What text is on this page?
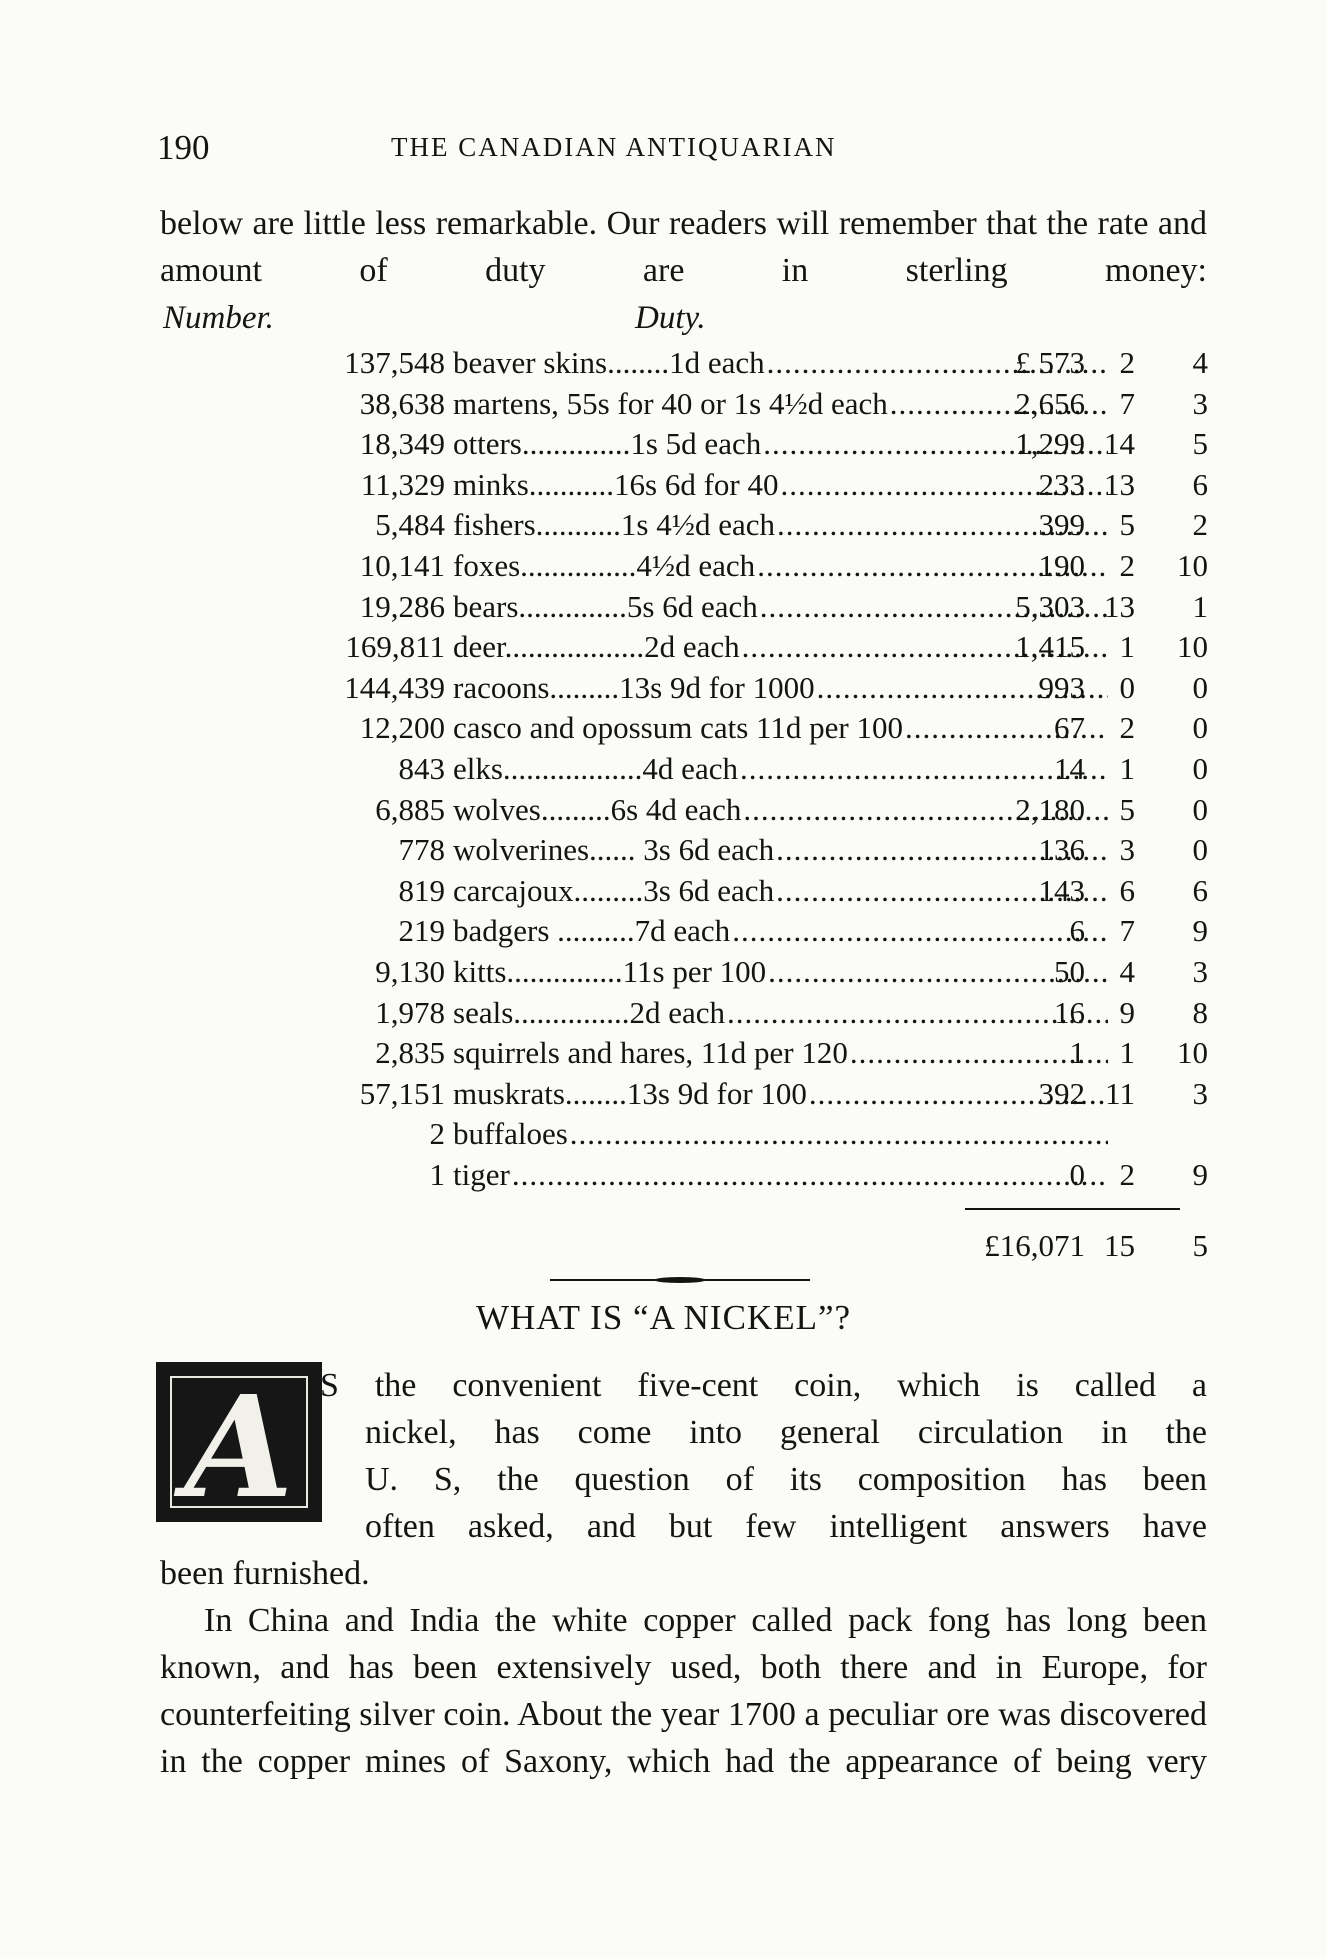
190	THE CANADIAN ANTIQUARIAN

below are little less remarkable. Our readers will remember that the rate and amount of duty are in sterling money:

Number.	Duty.
137,548 beaver skins........1d each .....	£ 573 2 4
38,638 martens, 55s for 40 or 1s 4½d each .....	2,656 7 3
18,349 otters..............1s 5d each .....	1,299 14 5
11,329 minks...........16s 6d for 40 .....	233 13 6
5,484 fishers...........1s 4½d each .....	399 5 2
10,141 foxes...............4½d each .....	190 2 10
19,286 bears..............5s 6d each .....	5,303 13 1
169,811 deer..................2d each .....	1,415 1 10
144,439 racoons.........13s 9d for 1000 .....	993 0 0
12,200 casco and opossum cats 11d per 100 .....	67 2 0
843 elks..................4d each .....	14 1 0
6,885 wolves.........6s 4d each .....	2,180 5 0
778 wolverines...... 3s 6d each .....	136 3 0
819 carcajoux.........3s 6d each .....	143 6 6
219 badgers ..........7d each .....	6 7 9
9,130 kitts...............11s per 100 .....	50 4 3
1,978 seals...............2d each .....	16 9 8
2,835 squirrels and hares, 11d per 120 .....	1 1 10
57,151 muskrats........13s 9d for 100 .....	392 11 3
2 buffaloes .....
1 tiger .....	0 2 9
£16,071 15 5
WHAT IS “A NICKEL”?
A S the convenient five-cent coin, which is called a
nickel, has come into general circulation in the
U. S, the question of its composition has been
often asked, and but few intelligent answers have

been furnished.

In China and India the white copper called pack fong has long been known, and has been extensively used, both there and in Europe, for counterfeiting silver coin. About the year 1700 a peculiar ore was discovered in the copper mines of Saxony, which had the appearance of being very
